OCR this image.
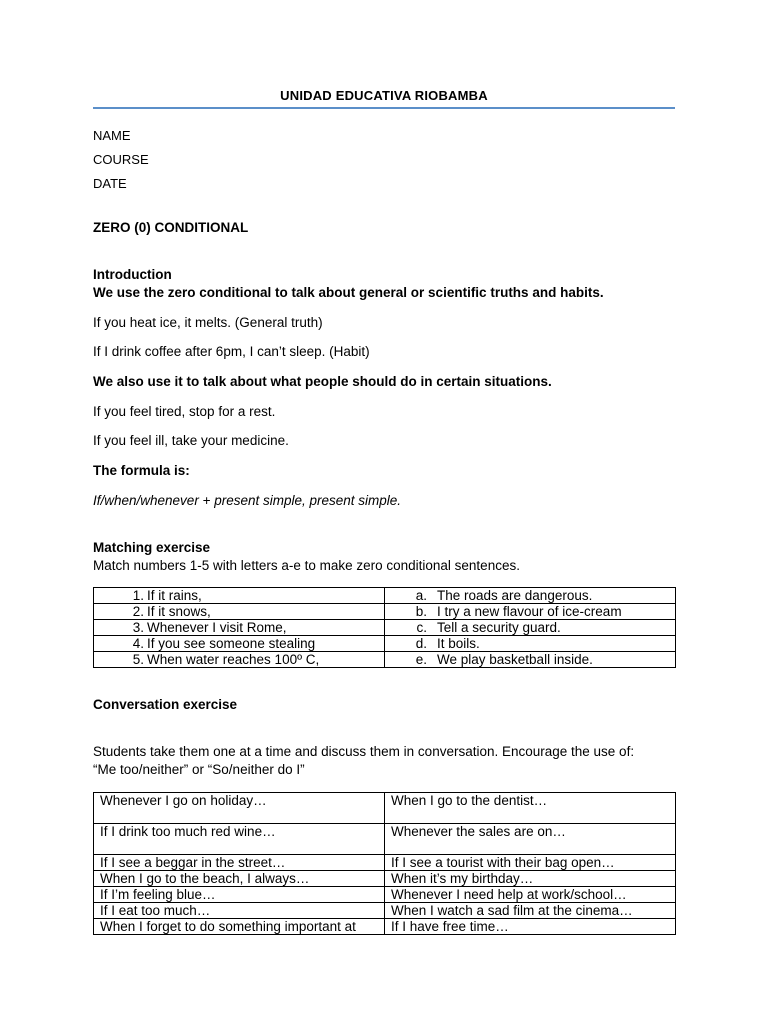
UNIDAD EDUCATIVA RIOBAMBA
NAME
COURSE
DATE
ZERO (0) CONDITIONAL
Introduction
We use the zero conditional to talk about general or scientific truths and habits.
If you heat ice, it melts. (General truth)
If I drink coffee after 6pm, I can’t sleep. (Habit)
We also use it to talk about what people should do in certain situations.
If you feel tired, stop for a rest.
If you feel ill, take your medicine.
The formula is:
If/when/whenever + present simple, present simple.
Matching exercise
Match numbers 1-5 with letters a-e to make zero conditional sentences.
1. If it rains,	a. The roads are dangerous.
2. If it snows,	b. I try a new flavour of ice-cream
3. Whenever I visit Rome,	c. Tell a security guard.
4. If you see someone stealing	d. It boils.
5. When water reaches 100º C,	e. We play basketball inside.
Conversation exercise
Students take them one at a time and discuss them in conversation. Encourage the use of:
“Me too/neither” or “So/neither do I”
Whenever I go on holiday…	When I go to the dentist…
If I drink too much red wine…	Whenever the sales are on…
If I see a beggar in the street…	If I see a tourist with their bag open…
When I go to the beach, I always…	When it’s my birthday…
If I’m feeling blue…	Whenever I need help at work/school…
If I eat too much…	When I watch a sad film at the cinema…
When I forget to do something important at	If I have free time…
